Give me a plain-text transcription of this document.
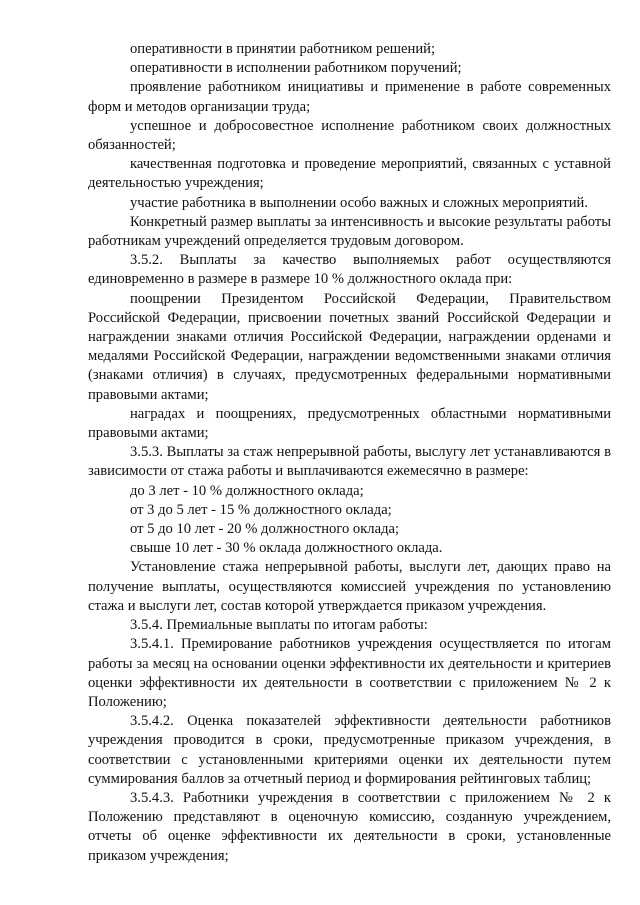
оперативности в принятии работником решений;

оперативности в исполнении работником поручений;

проявление работником инициативы и применение в работе современных форм и методов организации труда;

успешное и добросовестное исполнение работником своих должностных обязанностей;

качественная подготовка и проведение мероприятий, связанных с уставной деятельностью учреждения;

участие работника в выполнении особо важных и сложных мероприятий.

Конкретный размер выплаты за интенсивность и высокие результаты работы работникам учреждений определяется трудовым договором.

3.5.2. Выплаты за качество выполняемых работ осуществляются единовременно в размере в размере 10 % должностного оклада при:

поощрении Президентом Российской Федерации, Правительством Российской Федерации, присвоении почетных званий Российской Федерации и награждении знаками отличия Российской Федерации, награждении орденами и медалями Российской Федерации, награждении ведомственными знаками отличия (знаками отличия) в случаях, предусмотренных федеральными нормативными правовыми актами;

наградах и поощрениях, предусмотренных областными нормативными правовыми актами;

3.5.3. Выплаты за стаж непрерывной работы, выслугу лет устанавливаются в зависимости от стажа работы и выплачиваются ежемесячно в размере:

до 3 лет - 10 % должностного оклада;

от 3 до 5 лет - 15 % должностного оклада;

от 5 до 10 лет - 20 % должностного оклада;

свыше 10 лет - 30 % оклада должностного оклада.

Установление стажа непрерывной работы, выслуги лет, дающих право на получение выплаты, осуществляются комиссией учреждения по установлению стажа и выслуги лет, состав которой утверждается приказом учреждения.

3.5.4. Премиальные выплаты по итогам работы:

3.5.4.1. Премирование работников учреждения осуществляется по итогам работы за месяц на основании оценки эффективности их деятельности и критериев оценки эффективности их деятельности в соответствии с приложением № 2 к Положению;

3.5.4.2. Оценка показателей эффективности деятельности работников учреждения проводится в сроки, предусмотренные приказом учреждения, в соответствии с установленными критериями оценки их деятельности путем суммирования баллов за отчетный период и формирования рейтинговых таблиц;

3.5.4.3. Работники учреждения в соответствии с приложением № 2 к Положению представляют в оценочную комиссию, созданную учреждением, отчеты об оценке эффективности их деятельности в сроки, установленные приказом учреждения;
